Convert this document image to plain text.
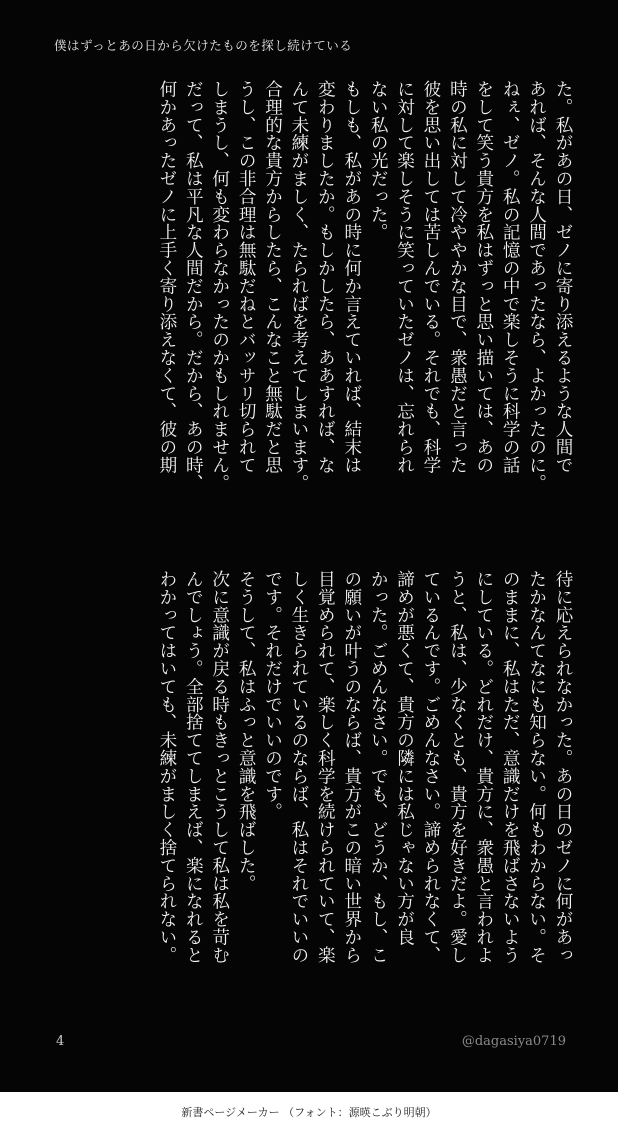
僕はずっとあの日から欠けたものを探し続けている
た。私があの日、ゼノに寄り添えるような人間で
あれば、そんな人間であったなら、よかったのに。
ねぇ、ゼノ。私の記憶の中で楽しそうに科学の話
をして笑う貴方を私はずっと思い描いては、あの
時の私に対して冷ややかな目で、衆愚だと言った
彼を思い出しては苦しんでいる。それでも、科学
に対して楽しそうに笑っていたゼノは、忘れられ
ない私の光だった。
もしも、私があの時に何か言えていれば、結末は
変わりましたか。もしかしたら、ああすれば、な
んて未練がましく、たらればを考えてしまいます。
合理的な貴方からしたら、こんなこと無駄だと思
うし、この非合理は無駄だねとバッサリ切られて
しまうし、何も変わらなかったのかもしれません。
だって、私は平凡な人間だから。だから、あの時、
何かあったゼノに上手く寄り添えなくて、彼の期
待に応えられなかった。あの日のゼノに何があっ
たかなんてなにも知らない。何もわからない。そ
のままに、私はただ、意識だけを飛ばさないよう
にしている。どれだけ、貴方に、衆愚と言われよ
うと、私は、少なくとも、貴方を好きだよ。愛し
ているんです。ごめんなさい。諦められなくて、
諦めが悪くて、貴方の隣には私じゃない方が良
かった。ごめんなさい。でも、どうか、もし、こ
の願いが叶うのならば、貴方がこの暗い世界から
目覚められて、楽しく科学を続けられていて、楽
しく生きられているのならば、私はそれでいいの
です。それだけでいいのです。
そうして、私はふっと意識を飛ばした。
次に意識が戻る時もきっとこうして私は私を苛む
んでしょう。全部捨ててしまえば、楽になれると
わかってはいても、未練がましく捨てられない。
4	@dagasiya0719
新書ページメーカー （フォント：源暎こぶり明朝）
